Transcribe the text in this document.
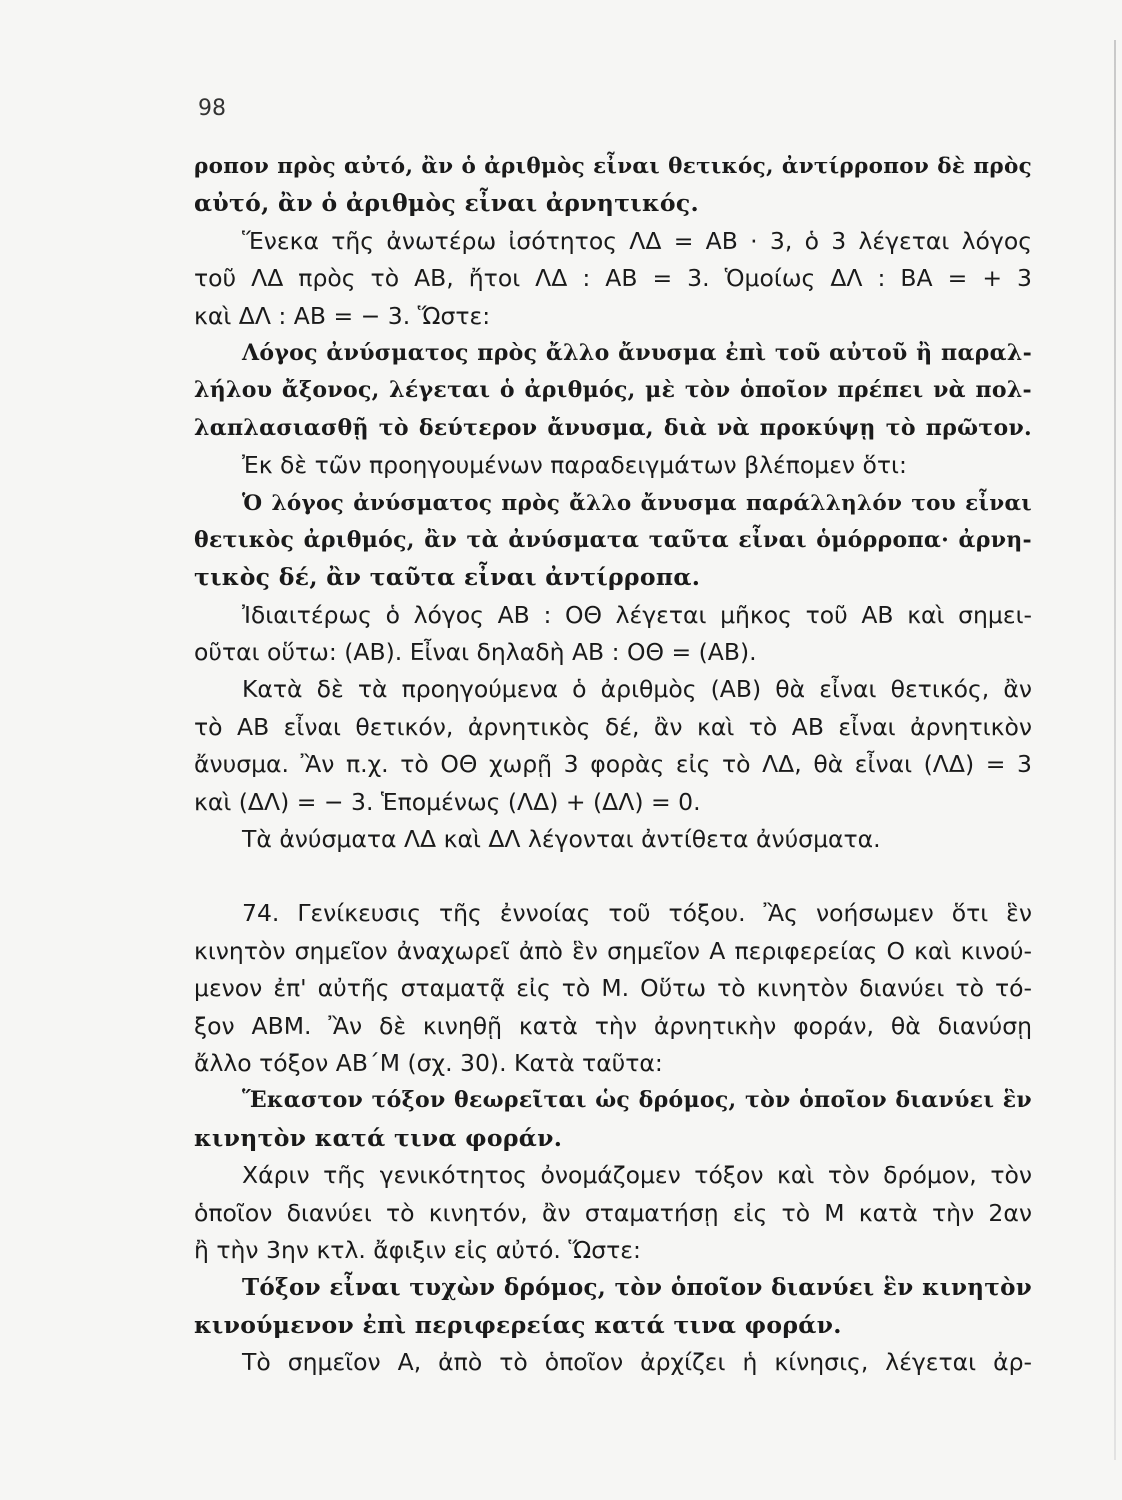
98
ροπον πρὸς αὐτό, ἂν ὁ ἀριθμὸς εἶναι θετικός, ἀντίρροπον δὲ πρὸς
αὐτό, ἂν ὁ ἀριθμὸς εἶναι ἀρνητικός.
Ἕνεκα τῆς ἀνωτέρω ἰσότητος ΛΔ = ΑΒ · 3, ὁ 3 λέγεται λόγος
τοῦ ΛΔ πρὸς τὸ ΑΒ, ἤτοι ΛΔ : ΑΒ = 3. Ὁμοίως ΔΛ : ΒΑ = + 3
καὶ ΔΛ : ΑΒ = − 3. Ὥστε:
Λόγος ἀνύσματος πρὸς ἄλλο ἄνυσμα ἐπὶ τοῦ αὐτοῦ ἢ παραλ-
λήλου ἄξονος, λέγεται ὁ ἀριθμός, μὲ τὸν ὁποῖον πρέπει νὰ πολ-
λαπλασιασθῇ τὸ δεύτερον ἄνυσμα, διὰ νὰ προκύψῃ τὸ πρῶτον.
Ἐκ δὲ τῶν προηγουμένων παραδειγμάτων βλέπομεν ὅτι:
Ὁ λόγος ἀνύσματος πρὸς ἄλλο ἄνυσμα παράλληλόν του εἶναι
θετικὸς ἀριθμός, ἂν τὰ ἀνύσματα ταῦτα εἶναι ὁμόρροπα· ἀρνη-
τικὸς δέ, ἂν ταῦτα εἶναι ἀντίρροπα.
Ἰδιαιτέρως ὁ λόγος ΑΒ : ΟΘ λέγεται μῆκος τοῦ ΑΒ καὶ σημει-
οῦται οὕτω: (ΑΒ). Εἶναι δηλαδὴ ΑΒ : ΟΘ = (ΑΒ).
Κατὰ δὲ τὰ προηγούμενα ὁ ἀριθμὸς (ΑΒ) θὰ εἶναι θετικός, ἂν
τὸ ΑΒ εἶναι θετικόν, ἀρνητικὸς δέ, ἂν καὶ τὸ ΑΒ εἶναι ἀρνητικὸν
ἄνυσμα. Ἂν π.χ. τὸ ΟΘ χωρῇ 3 φορὰς εἰς τὸ ΛΔ, θὰ εἶναι (ΛΔ) = 3
καὶ (ΔΛ) = − 3. Ἑπομένως (ΛΔ) + (ΔΛ) = 0.
Τὰ ἀνύσματα ΛΔ καὶ ΔΛ λέγονται ἀντίθετα ἀνύσματα.
74. Γενίκευσις τῆς ἐννοίας τοῦ τόξου. Ἂς νοήσωμεν ὅτι ἓν
κινητὸν σημεῖον ἀναχωρεῖ ἀπὸ ἓν σημεῖον Α περιφερείας Ο καὶ κινού-
μενον ἐπ' αὐτῆς σταματᾷ εἰς τὸ Μ. Οὕτω τὸ κινητὸν διανύει τὸ τό-
ξον ΑΒΜ. Ἂν δὲ κινηθῇ κατὰ τὴν ἀρνητικὴν φοράν, θὰ διανύσῃ
ἄλλο τόξον ΑΒ΄Μ (σχ. 30). Κατὰ ταῦτα:
Ἕκαστον τόξον θεωρεῖται ὡς δρόμος, τὸν ὁποῖον διανύει ἓν
κινητὸν κατά τινα φοράν.
Χάριν τῆς γενικότητος ὀνομάζομεν τόξον καὶ τὸν δρόμον, τὸν
ὁποῖον διανύει τὸ κινητόν, ἂν σταματήσῃ εἰς τὸ Μ κατὰ τὴν 2αν
ἢ τὴν 3ην κτλ. ἄφιξιν εἰς αὐτό. Ὥστε:
Τόξον εἶναι τυχὼν δρόμος, τὸν ὁποῖον διανύει ἓν κινητὸν
κινούμενον ἐπὶ περιφερείας κατά τινα φοράν.
Τὸ σημεῖον Α, ἀπὸ τὸ ὁποῖον ἀρχίζει ἡ κίνησις, λέγεται ἀρ-
